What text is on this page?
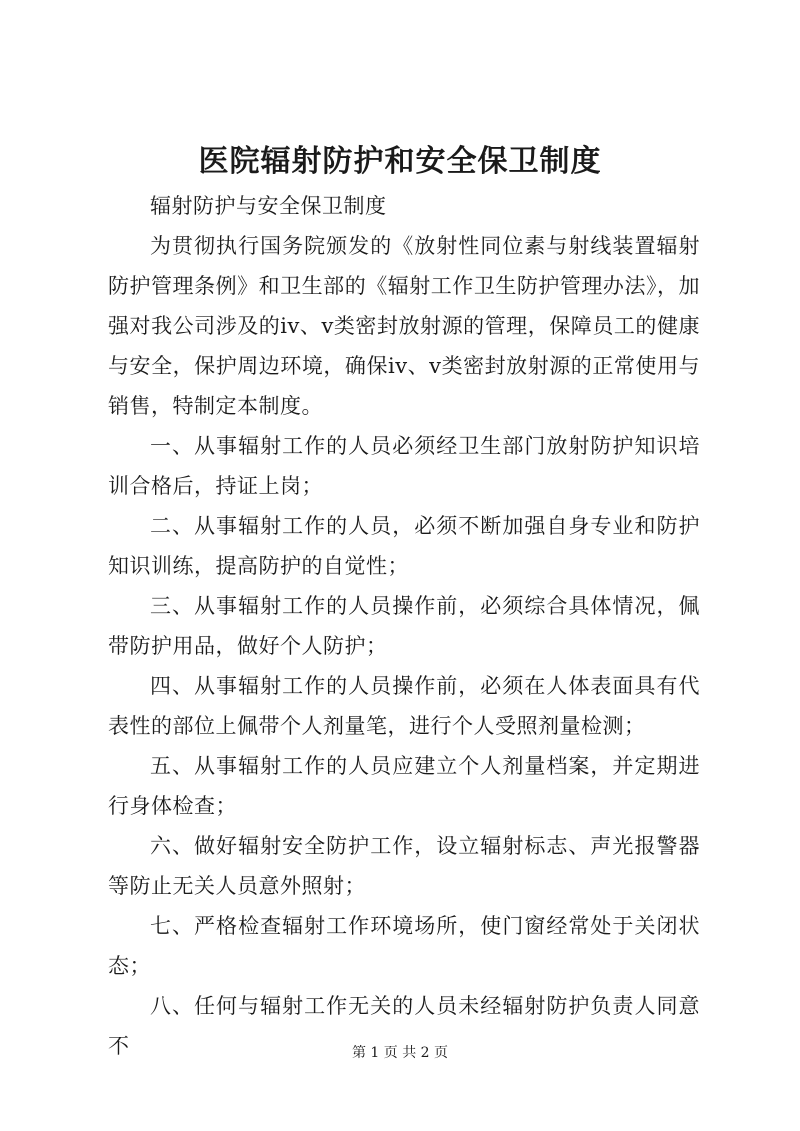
医院辐射防护和安全保卫制度

辐射防护与安全保卫制度

为贯彻执行国务院颁发的《放射性同位素与射线装置辐射防护管理条例》和卫生部的《辐射工作卫生防护管理办法》，加强对我公司涉及的iv、v类密封放射源的管理，保障员工的健康与安全，保护周边环境，确保iv、v类密封放射源的正常使用与销售，特制定本制度。

一、从事辐射工作的人员必须经卫生部门放射防护知识培训合格后，持证上岗；

二、从事辐射工作的人员，必须不断加强自身专业和防护知识训练，提高防护的自觉性；

三、从事辐射工作的人员操作前，必须综合具体情况，佩带防护用品，做好个人防护；

四、从事辐射工作的人员操作前，必须在人体表面具有代表性的部位上佩带个人剂量笔，进行个人受照剂量检测；

五、从事辐射工作的人员应建立个人剂量档案，并定期进行身体检查；

六、做好辐射安全防护工作，设立辐射标志、声光报警器等防止无关人员意外照射；

七、严格检查辐射工作环境场所，使门窗经常处于关闭状态；

八、任何与辐射工作无关的人员未经辐射防护负责人同意不	第 1 页 共 2 页
